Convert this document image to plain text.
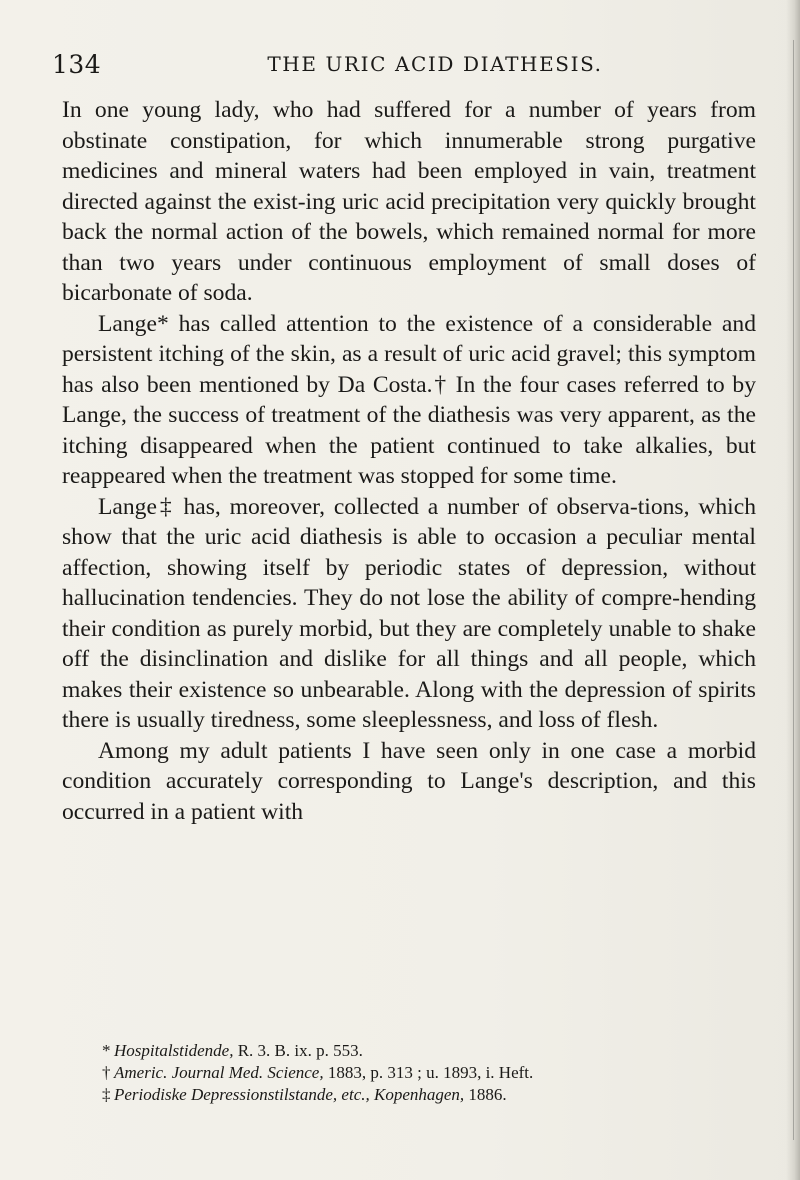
134	THE URIC ACID DIATHESIS.

In one young lady, who had suffered for a number of years from obstinate constipation, for which innumerable strong purgative medicines and mineral waters had been employed in vain, treatment directed against the exist-ing uric acid precipitation very quickly brought back the normal action of the bowels, which remained normal for more than two years under continuous employment of small doses of bicarbonate of soda.

Lange* has called attention to the existence of a considerable and persistent itching of the skin, as a result of uric acid gravel; this symptom has also been mentioned by Da Costa.† In the four cases referred to by Lange, the success of treatment of the diathesis was very apparent, as the itching disappeared when the patient continued to take alkalies, but reappeared when the treatment was stopped for some time.

Lange‡ has, moreover, collected a number of observa-tions, which show that the uric acid diathesis is able to occasion a peculiar mental affection, showing itself by periodic states of depression, without hallucination tendencies. They do not lose the ability of compre-hending their condition as purely morbid, but they are completely unable to shake off the disinclination and dislike for all things and all people, which makes their existence so unbearable. Along with the depression of spirits there is usually tiredness, some sleeplessness, and loss of flesh.

Among my adult patients I have seen only in one case a morbid condition accurately corresponding to Lange's description, and this occurred in a patient with

* Hospitalstidende, R. 3. B. ix. p. 553.

† Americ. Journal Med. Science, 1883, p. 313 ; u. 1893, i. Heft.

‡ Periodiske Depressionstilstande, etc., Kopenhagen, 1886.
